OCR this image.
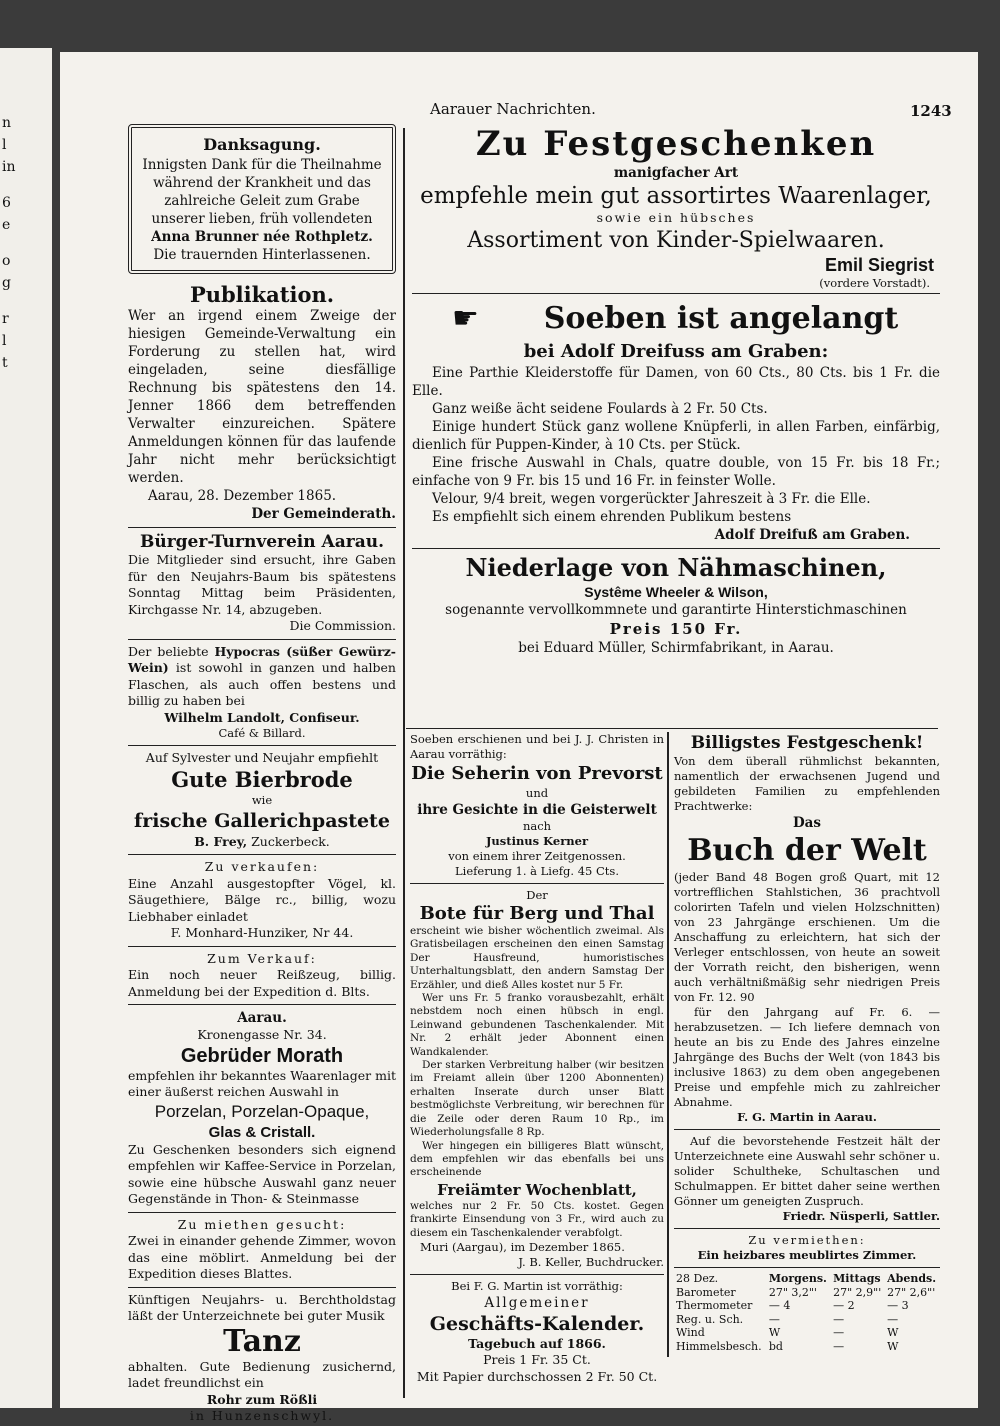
n
l
in
6
e
o
g
r
l
t
Aarauer Nachrichten.	1243
Danksagung.
Innigsten Dank für die Theilnahme während der Krankheit und das zahlreiche Geleit zum Grabe unserer lieben, früh vollendeten
Anna Brunner née Rothpletz.
Die trauernden Hinterlassenen.
Publikation.
Wer an irgend einem Zweige der hiesigen Gemeinde-Verwaltung ein Forderung zu stellen hat, wird eingeladen, seine diesfällige Rechnung bis spätestens den 14. Jenner 1866 dem betreffenden Verwalter einzureichen. Spätere Anmeldungen können für das laufende Jahr nicht mehr berücksichtigt werden.
Aarau, 28. Dezember 1865.
Der Gemeinderath.
Bürger-Turnverein Aarau.
Die Mitglieder sind ersucht, ihre Gaben für den Neujahrs-Baum bis spätestens Sonntag Mittag beim Präsidenten, Kirchgasse Nr. 14, abzugeben.
Die Commission.
Der beliebte Hypocras (süßer Gewürz-Wein) ist sowohl in ganzen und halben Flaschen, als auch offen bestens und billig zu haben bei
Wilhelm Landolt, Confiseur.
Café & Billard.
Auf Sylvester und Neujahr empfiehlt
Gute Bierbrode
wie
frische Gallerichpastete
B. Frey, Zuckerbeck.
Zu verkaufen:
Eine Anzahl ausgestopfter Vögel, kl. Säugethiere, Bälge rc., billig, wozu Liebhaber einladet
F. Monhard-Hunziker, Nr 44.
Zum Verkauf:
Ein noch neuer Reißzeug, billig. Anmeldung bei der Expedition d. Blts.
Aarau.
Kronengasse Nr. 34.
Gebrüder Morath
empfehlen ihr bekanntes Waarenlager mit einer äußerst reichen Auswahl in
Porzelan, Porzelan-Opaque,
Glas & Cristall.
Zu Geschenken besonders sich eignend empfehlen wir Kaffee-Service in Porzelan, sowie eine hübsche Auswahl ganz neuer Gegenstände in Thon- & Steinmasse
Zu miethen gesucht:
Zwei in einander gehende Zimmer, wovon das eine möblirt. Anmeldung bei der Expedition dieses Blattes.
Künftigen Neujahrs- u. Berchtholdstag läßt der Unterzeichnete bei guter Musik
Tanz
abhalten. Gute Bedienung zusichernd, ladet freundlichst ein
Rohr zum Rößli
in Hunzenschwyl.
Zu Festgeschenken
manigfacher Art
empfehle mein gut assortirtes Waarenlager,
sowie ein hübsches
Assortiment von Kinder-Spielwaaren.
Emil Siegrist
(vordere Vorstadt).
☛	Soeben ist angelangt
bei Adolf Dreifuss am Graben:
Eine Parthie Kleiderstoffe für Damen, von 60 Cts., 80 Cts. bis 1 Fr. die Elle.
Ganz weiße ächt seidene Foulards à 2 Fr. 50 Cts.
Einige hundert Stück ganz wollene Knüpferli, in allen Farben, einfärbig, dienlich für Puppen-Kinder, à 10 Cts. per Stück.
Eine frische Auswahl in Chals, quatre double, von 15 Fr. bis 18 Fr.; einfache von 9 Fr. bis 15 und 16 Fr. in feinster Wolle.
Velour, 9/4 breit, wegen vorgerückter Jahreszeit à 3 Fr. die Elle.
Es empfiehlt sich einem ehrenden Publikum bestens
Adolf Dreifuß am Graben.
Niederlage von Nähmaschinen,
Systême Wheeler & Wilson,
sogenannte vervollkommnete und garantirte Hinterstichmaschinen
Preis 150 Fr.
bei Eduard Müller, Schirmfabrikant, in Aarau.
Soeben erschienen und bei J. J. Christen in Aarau vorräthig:
Die Seherin von Prevorst
und
ihre Gesichte in die Geisterwelt
nach
Justinus Kerner
von einem ihrer Zeitgenossen.
Lieferung 1. à Liefg. 45 Cts.
Der
Bote für Berg und Thal
erscheint wie bisher wöchentlich zweimal. Als Gratisbeilagen erscheinen den einen Samstag Der Hausfreund, humoristisches Unterhaltungsblatt, den andern Samstag Der Erzähler, und dieß Alles kostet nur 5 Fr.
Wer uns Fr. 5 franko vorausbezahlt, erhält nebstdem noch einen hübsch in engl. Leinwand gebundenen Taschenkalender. Mit Nr. 2 erhält jeder Abonnent einen Wandkalender.
Der starken Verbreitung halber (wir besitzen im Freiamt allein über 1200 Abonnenten) erhalten Inserate durch unser Blatt bestmöglichste Verbreitung, wir berechnen für die Zeile oder deren Raum 10 Rp., im Wiederholungsfalle 8 Rp.
Wer hingegen ein billigeres Blatt wünscht, dem empfehlen wir das ebenfalls bei uns erscheinende
Freiämter Wochenblatt,
welches nur 2 Fr. 50 Cts. kostet. Gegen frankirte Einsendung von 3 Fr., wird auch zu diesem ein Taschenkalender verabfolgt.
Muri (Aargau), im Dezember 1865.
J. B. Keller, Buchdrucker.
Bei F. G. Martin ist vorräthig:
Allgemeiner
Geschäfts-Kalender.
Tagebuch auf 1866.
Preis 1 Fr. 35 Ct.
Mit Papier durchschossen 2 Fr. 50 Ct.
Billigstes Festgeschenk!
Von dem überall rühmlichst bekannten, namentlich der erwachsenen Jugend und gebildeten Familien zu empfehlenden Prachtwerke:
Das
Buch der Welt
(jeder Band 48 Bogen groß Quart, mit 12 vortrefflichen Stahlstichen, 36 prachtvoll colorirten Tafeln und vielen Holzschnitten) von 23 Jahrgänge erschienen. Um die Anschaffung zu erleichtern, hat sich der Verleger entschlossen, von heute an soweit der Vorrath reicht, den bisherigen, wenn auch verhältnißmäßig sehr niedrigen Preis von Fr. 12. 90
für den Jahrgang auf Fr. 6. — herabzusetzen. — Ich liefere demnach von heute an bis zu Ende des Jahres einzelne Jahrgänge des Buchs der Welt (von 1843 bis inclusive 1863) zu dem oben angegebenen Preise und empfehle mich zu zahlreicher Abnahme.
F. G. Martin in Aarau.
Auf die bevorstehende Festzeit hält der Unterzeichnete eine Auswahl sehr schöner u. solider Schultheke, Schultaschen und Schulmappen. Er bittet daher seine werthen Gönner um geneigten Zuspruch.
Friedr. Nüsperli, Sattler.
Zu vermiethen:
Ein heizbares meublirtes Zimmer.
28 Dez.	Morgens.	Mittags	Abends.
Barometer	27" 3,2"'	27" 2,9"'	27" 2,6"'
Thermometer	— 4	— 2	— 3
Reg. u. Sch.	—	—	—
Wind	W	—	W
Himmelsbesch.	bd	—	W
